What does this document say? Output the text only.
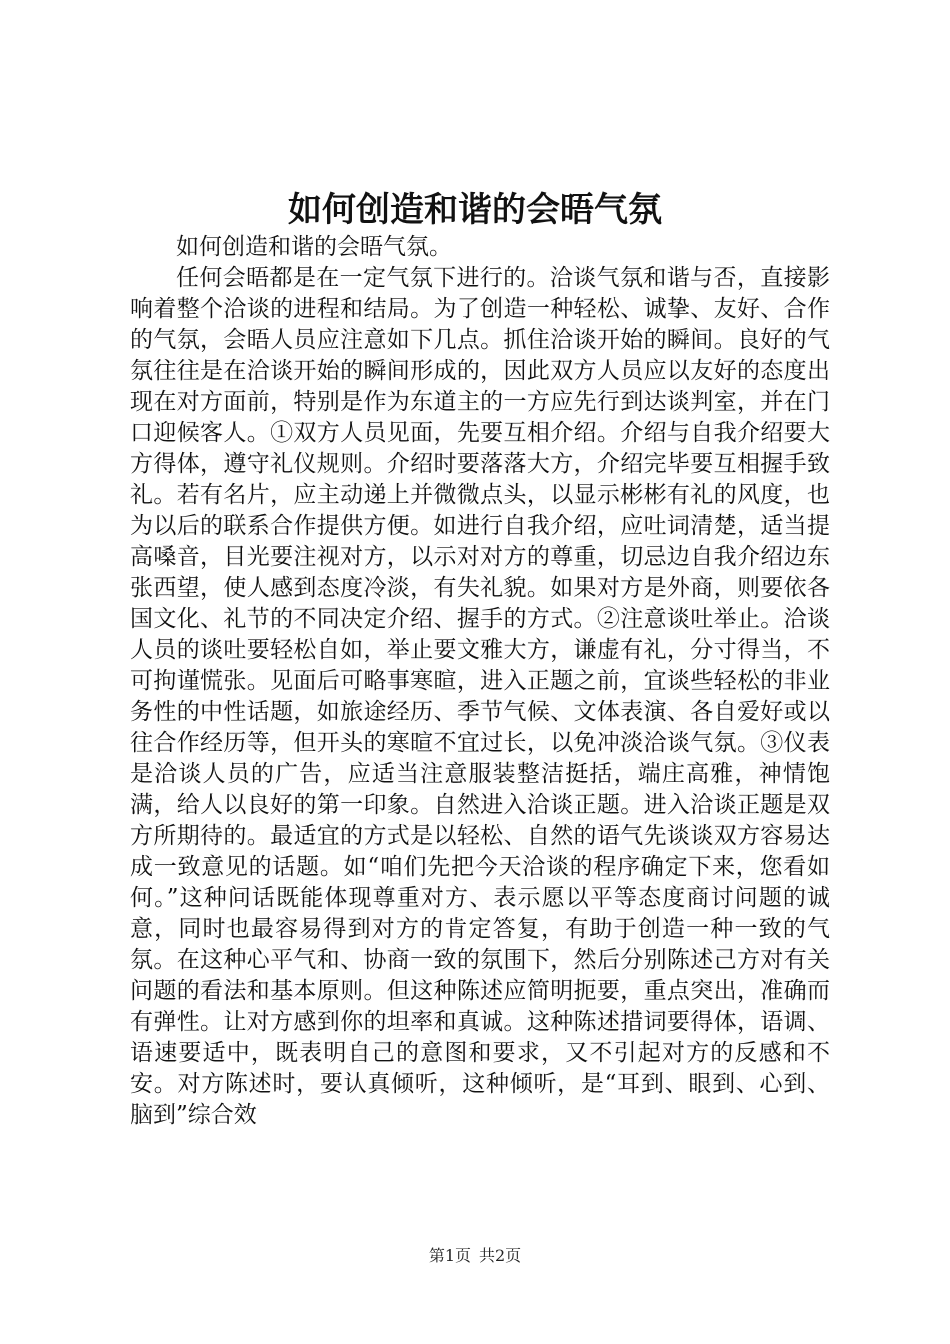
如何创造和谐的会晤气氛

如何创造和谐的会晤气氛。

任何会晤都是在一定气氛下进行的。洽谈气氛和谐与否，直接影响着整个洽谈的进程和结局。为了创造一种轻松、诚挚、友好、合作的气氛，会晤人员应注意如下几点。抓住洽谈开始的瞬间。良好的气氛往往是在洽谈开始的瞬间形成的，因此双方人员应以友好的态度出现在对方面前，特别是作为东道主的一方应先行到达谈判室，并在门口迎候客人。①双方人员见面，先要互相介绍。介绍与自我介绍要大方得体，遵守礼仪规则。介绍时要落落大方，介绍完毕要互相握手致礼。若有名片，应主动递上并微微点头，以显示彬彬有礼的风度，也为以后的联系合作提供方便。如进行自我介绍，应吐词清楚，适当提高嗓音，目光要注视对方，以示对对方的尊重，切忌边自我介绍边东张西望，使人感到态度冷淡，有失礼貌。如果对方是外商，则要依各国文化、礼节的不同决定介绍、握手的方式。②注意谈吐举止。洽谈人员的谈吐要轻松自如，举止要文雅大方，谦虚有礼，分寸得当，不可拘谨慌张。见面后可略事寒暄，进入正题之前，宜谈些轻松的非业务性的中性话题，如旅途经历、季节气候、文体表演、各自爱好或以往合作经历等，但开头的寒暄不宜过长，以免冲淡洽谈气氛。③仪表是洽谈人员的广告，应适当注意服装整洁挺括，端庄高雅，神情饱满，给人以良好的第一印象。自然进入洽谈正题。进入洽谈正题是双方所期待的。最适宜的方式是以轻松、自然的语气先谈谈双方容易达成一致意见的话题。如“咱们先把今天洽谈的程序确定下来，您看如何。”这种问话既能体现尊重对方、表示愿以平等态度商讨问题的诚意，同时也最容易得到对方的肯定答复，有助于创造一种一致的气氛。在这种心平气和、协商一致的氛围下，然后分别陈述己方对有关问题的看法和基本原则。但这种陈述应简明扼要，重点突出，准确而有弹性。让对方感到你的坦率和真诚。这种陈述措词要得体，语调、语速要适中，既表明自己的意图和要求，又不引起对方的反感和不安。对方陈述时，要认真倾听，这种倾听，是“耳到、眼到、心到、脑到”综合效

第1页 共2页
